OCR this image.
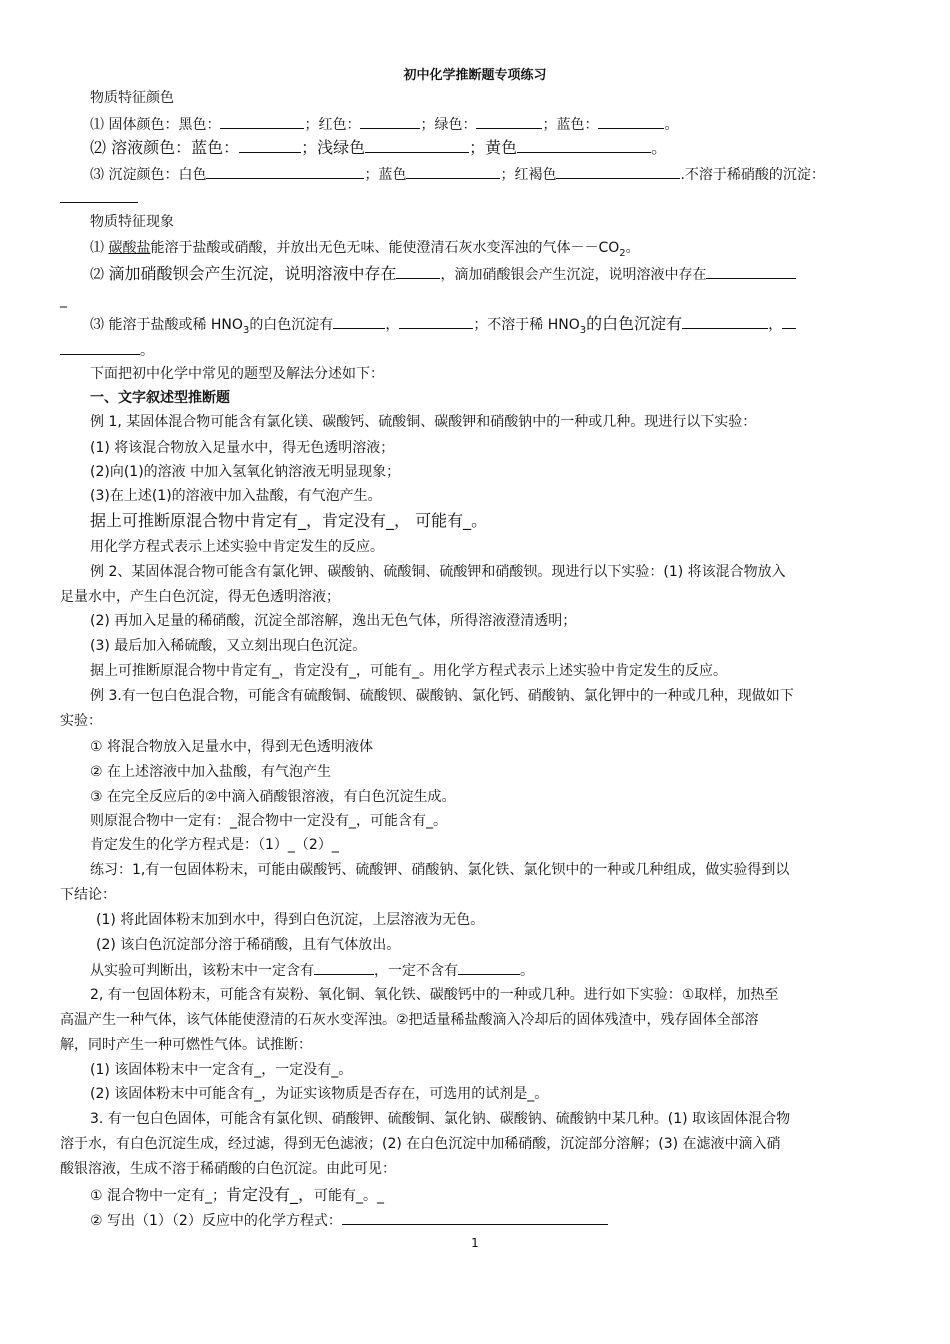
初中化学推断题专项练习
物质特征颜色
⑴ 固体颜色：黑色：	；红色：	；绿色：	；蓝色：	。
⑵ 溶液颜色：蓝色：	；浅绿色	；黄色	。
⑶ 沉淀颜色：白色	；蓝色	；红褐色	.不溶于稀硝酸的沉淀：
物质特征现象
⑴ 碳酸盐能溶于盐酸或硝酸，并放出无色无味、能使澄清石灰水变浑浊的气体$--CO_2$。
⑵ 滴加硝酸钡会产生沉淀，说明溶液中存在	，滴加硝酸银会产生沉淀，说明溶液中存在
_
⑶ 能溶于盐酸或稀 $HNO_3$的白色沉淀有	，	；不溶于稀 $HNO_3$的白色沉淀有	，
。
下面把初中化学中常见的题型及解法分述如下：
一、文字叙述型推断题
例 1, 某固体混合物可能含有氯化镁、碳酸钙、硫酸铜、碳酸钾和硝酸钠中的一种或几种。现进行以下实验：
(1) 将该混合物放入足量水中，得无色透明溶液；
(2)向(1)的溶液 中加入氢氧化钠溶液无明显现象；
(3)在上述(1)的溶液中加入盐酸，有气泡产生。
据上可推断原混合物中肯定有_，肯定没有_， 可能有_。
用化学方程式表示上述实验中肯定发生的反应。
例 2、某固体混合物可能含有氯化钾、碳酸钠、硫酸铜、硫酸钾和硝酸钡。现进行以下实验：(1) 将该混合物放入
足量水中，产生白色沉淀，得无色透明溶液；
(2) 再加入足量的稀硝酸，沉淀全部溶解，逸出无色气体，所得溶液澄清透明；
(3) 最后加入稀硫酸，又立刻出现白色沉淀。
据上可推断原混合物中肯定有_，肯定没有_，可能有_。用化学方程式表示上述实验中肯定发生的反应。
例 3.有一包白色混合物，可能含有硫酸铜、硫酸钡、碳酸钠、氯化钙、硝酸钠、氯化钾中的一种或几种，现做如下
实验：
① 将混合物放入足量水中，得到无色透明液体
② 在上述溶液中加入盐酸，有气泡产生
③ 在完全反应后的②中滴入硝酸银溶液，有白色沉淀生成。
则原混合物中一定有：_混合物中一定没有_，可能含有_。
肯定发生的化学方程式是：（1）_（2）_
练习：1,有一包固体粉末，可能由碳酸钙、硫酸钾、硝酸钠、氯化铁、氯化钡中的一种或几种组成，做实验得到以
下结论：
(1) 将此固体粉末加到水中，得到白色沉淀，上层溶液为无色。
(2) 该白色沉淀部分溶于稀硝酸，且有气体放出。
从实验可判断出，该粉末中一定含有	，一定不含有	。
2, 有一包固体粉末，可能含有炭粉、氧化铜、氧化铁、碳酸钙中的一种或几种。进行如下实验：①取样，加热至
高温产生一种气体，该气体能使澄清的石灰水变浑浊。②把适量稀盐酸滴入冷却后的固体残渣中，残存固体全部溶
解，同时产生一种可燃性气体。试推断：
(1) 该固体粉末中一定含有_，一定没有_。
(2) 该固体粉末中可能含有_，为证实该物质是否存在，可选用的试剂是_。
3. 有一包白色固体，可能含有氯化钡、硝酸钾、硫酸铜、氯化钠、碳酸钠、硫酸钠中某几种。(1) 取该固体混合物
溶于水，有白色沉淀生成，经过滤，得到无色滤液；(2) 在白色沉淀中加稀硝酸，沉淀部分溶解；(3) 在滤液中滴入硝
酸银溶液，生成不溶于稀硝酸的白色沉淀。由此可见：
① 混合物中一定有_；肯定没有_，可能有_。_
② 写出（1）（2）反应中的化学方程式：
1
